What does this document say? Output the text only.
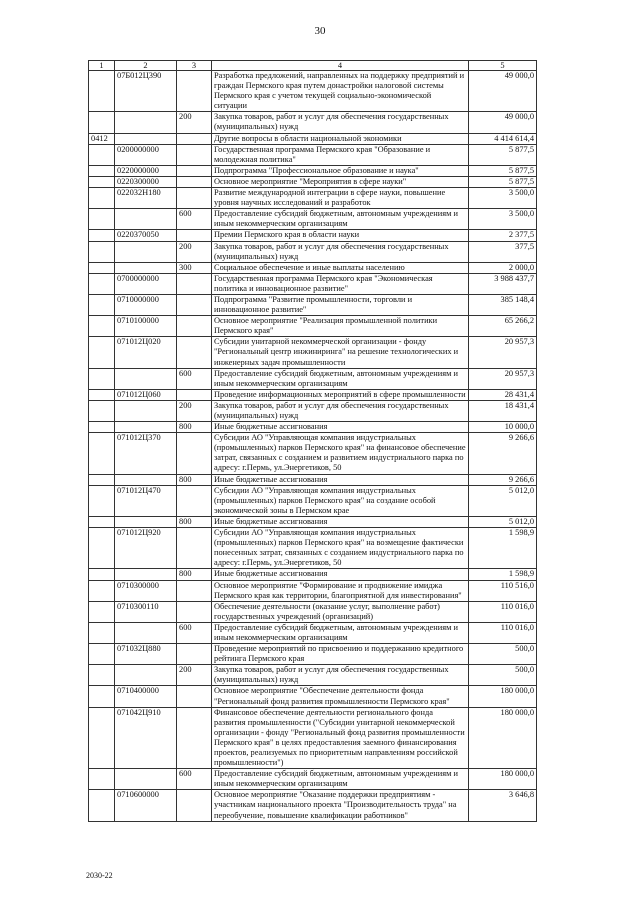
30
1	2	3	4	5
	07Б012Ц390		Разработка предложений, направленных на поддержку предприятий и граждан Пермского края путем донастройки налоговой системы Пермского края с учетом текущей социально-экономической ситуации	49 000,0
		200	Закупка товаров, работ и услуг для обеспечения государственных (муниципальных) нужд	49 000,0
0412			Другие вопросы в области национальной экономики	4 414 614,4
	0200000000		Государственная программа Пермского края "Образование и молодежная политика"	5 877,5
	0220000000		Подпрограмма "Профессиональное образование и наука"	5 877,5
	0220300000		Основное мероприятие "Мероприятия в сфере науки"	5 877,5
	022032Н180		Развитие международной интеграции в сфере науки, повышение уровня научных исследований и разработок	3 500,0
		600	Предоставление субсидий бюджетным, автономным учреждениям и иным некоммерческим организациям	3 500,0
	0220370050		Премии Пермского края в области науки	2 377,5
		200	Закупка товаров, работ и услуг для обеспечения государственных (муниципальных) нужд	377,5
		300	Социальное обеспечение и иные выплаты населению	2 000,0
	0700000000		Государственная программа Пермского края "Экономическая политика и инновационное развитие"	3 988 437,7
	0710000000		Подпрограмма "Развитие промышленности, торговли и инновационное развитие"	385 148,4
	0710100000		Основное мероприятие "Реализация промышленной политики Пермского края"	65 266,2
	071012Ц020		Субсидии унитарной некоммерческой организации - фонду "Региональный центр инжиниринга" на решение технологических и инженерных задач промышленности	20 957,3
		600	Предоставление субсидий бюджетным, автономным учреждениям и иным некоммерческим организациям	20 957,3
	071012Ц060		Проведение информационных мероприятий в сфере промышленности	28 431,4
		200	Закупка товаров, работ и услуг для обеспечения государственных (муниципальных) нужд	18 431,4
		800	Иные бюджетные ассигнования	10 000,0
	071012Ц370		Субсидии АО "Управляющая компания индустриальных (промышленных) парков Пермского края" на финансовое обеспечение затрат, связанных с созданием и развитием индустриального парка по адресу: г.Пермь, ул.Энергетиков, 50	9 266,6
		800	Иные бюджетные ассигнования	9 266,6
	071012Ц470		Субсидии АО "Управляющая компания индустриальных (промышленных) парков Пермского края" на создание особой экономической зоны в Пермском крае	5 012,0
		800	Иные бюджетные ассигнования	5 012,0
	071012Ц920		Субсидии АО "Управляющая компания индустриальных (промышленных) парков Пермского края" на возмещение фактически понесенных затрат, связанных с созданием индустриального парка по адресу: г.Пермь, ул.Энергетиков, 50	1 598,9
		800	Иные бюджетные ассигнования	1 598,9
	0710300000		Основное мероприятие "Формирование и продвижение имиджа Пермского края как территории, благоприятной для инвестирования"	110 516,0
	0710300110		Обеспечение деятельности (оказание услуг, выполнение работ) государственных учреждений (организаций)	110 016,0
		600	Предоставление субсидий бюджетным, автономным учреждениям и иным некоммерческим организациям	110 016,0
	071032Ц880		Проведение мероприятий по присвоению и поддержанию кредитного рейтинга Пермского края	500,0
		200	Закупка товаров, работ и услуг для обеспечения государственных (муниципальных) нужд	500,0
	0710400000		Основное мероприятие "Обеспечение деятельности фонда "Региональный фонд развития промышленности Пермского края"	180 000,0
	071042Ц910		Финансовое обеспечение деятельности регионального фонда развития промышленности ("Субсидии унитарной некоммерческой организации - фонду "Региональный фонд развития промышленности Пермского края" в целях предоставления заемного финансирования проектов, реализуемых по приоритетным направлениям российской промышленности")	180 000,0
		600	Предоставление субсидий бюджетным, автономным учреждениям и иным некоммерческим организациям	180 000,0
	0710600000		Основное мероприятие "Оказание поддержки предприятиям - участникам национального проекта "Производительность труда" на переобучение, повышение квалификации работников"	3 646,8
2030-22
